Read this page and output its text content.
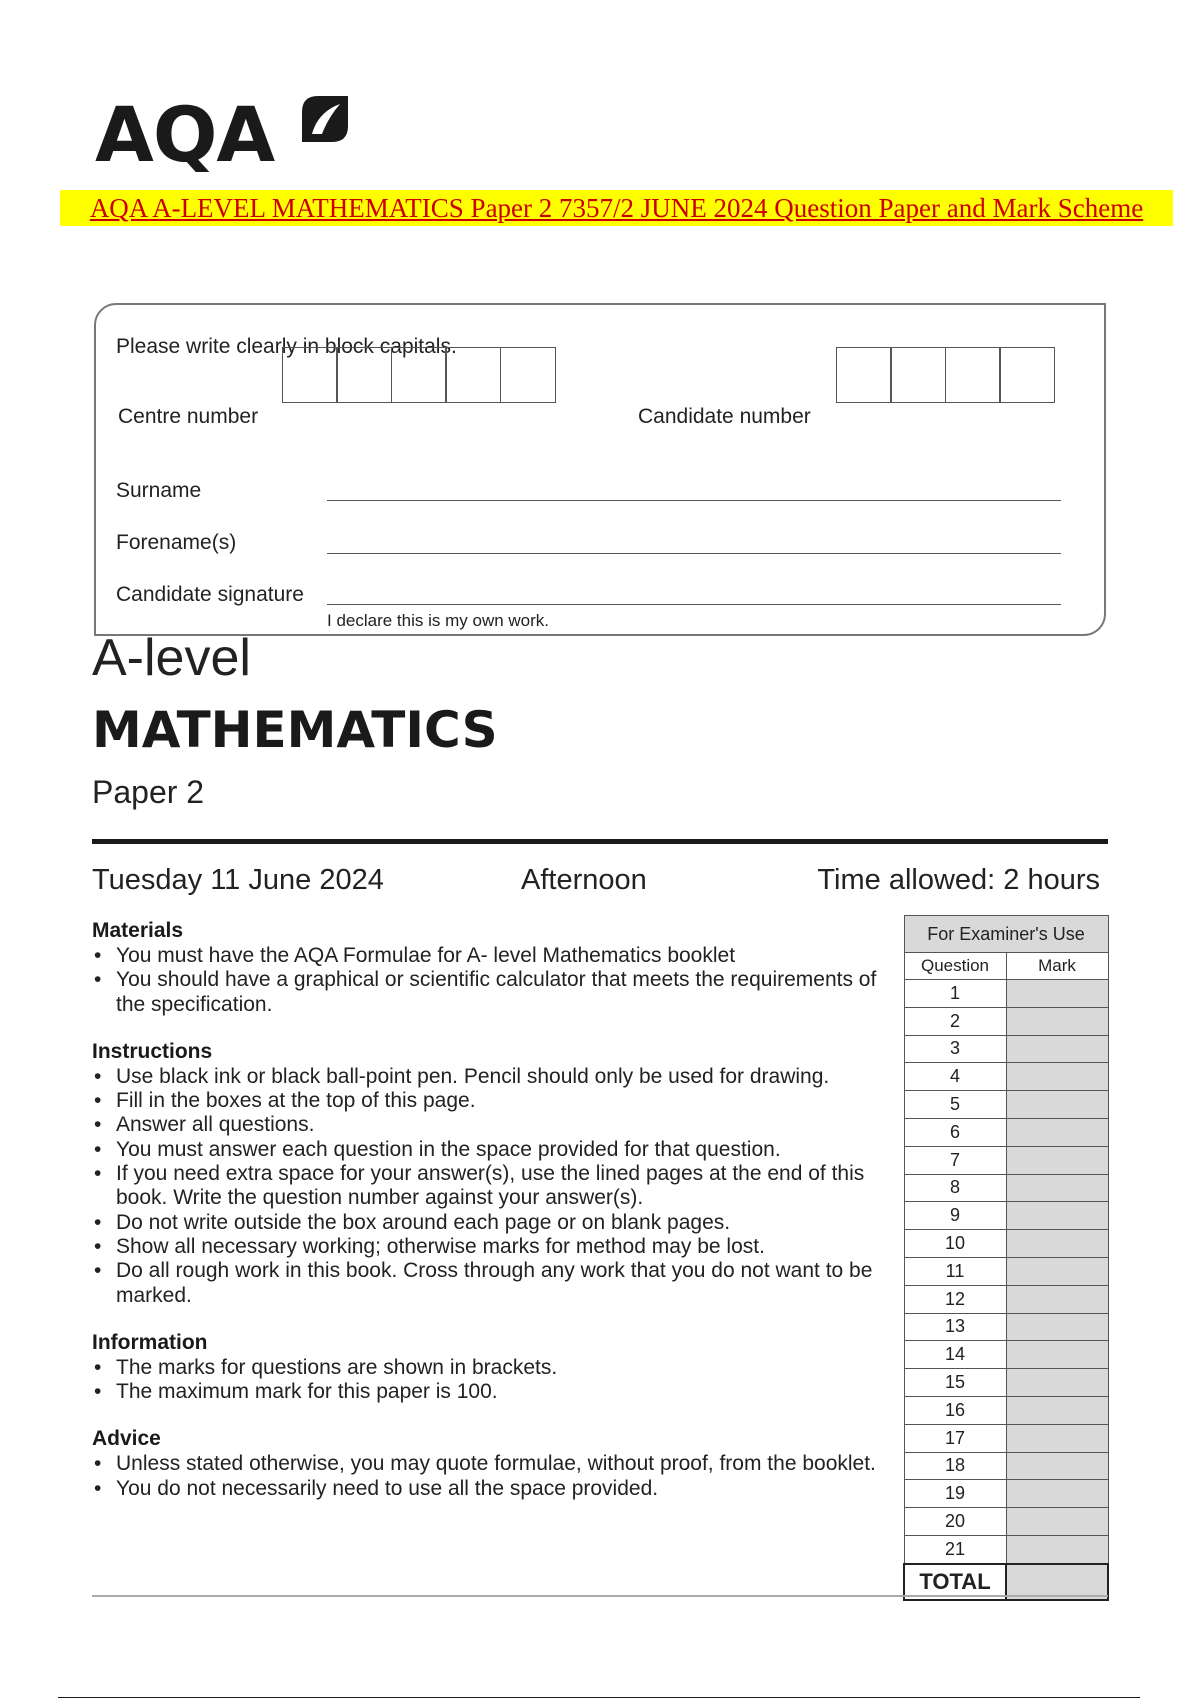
AQA
AQA A-LEVEL MATHEMATICS Paper 2 7357/2 JUNE 2024 Question Paper and Mark Scheme
Please write clearly in block capitals.
Centre number	Candidate number
Surname
Forename(s)
Candidate signature
I declare this is my own work.
A-level
MATHEMATICS
Paper 2
Tuesday 11 June 2024	Afternoon	Time allowed: 2 hours
Materials
• You must have the AQA Formulae for A- level Mathematics booklet
• You should have a graphical or scientific calculator that meets the requirements of the specification.
Instructions
• Use black ink or black ball-point pen. Pencil should only be used for drawing.
• Fill in the boxes at the top of this page.
• Answer all questions.
• You must answer each question in the space provided for that question.
• If you need extra space for your answer(s), use the lined pages at the end of this book. Write the question number against your answer(s).
• Do not write outside the box around each page or on blank pages.
• Show all necessary working; otherwise marks for method may be lost.
• Do all rough work in this book. Cross through any work that you do not want to be marked.
Information
• The marks for questions are shown in brackets.
• The maximum mark for this paper is 100.
Advice
• Unless stated otherwise, you may quote formulae, without proof, from the booklet.
• You do not necessarily need to use all the space provided.
For Examiner's Use	
Question	Mark
1	
2	
3	
4	
5	
6	
7	
8	
9	
10	
11	
12	
13	
14	
15	
16	
17	
18	
19	
20	
21	
TOTAL	
